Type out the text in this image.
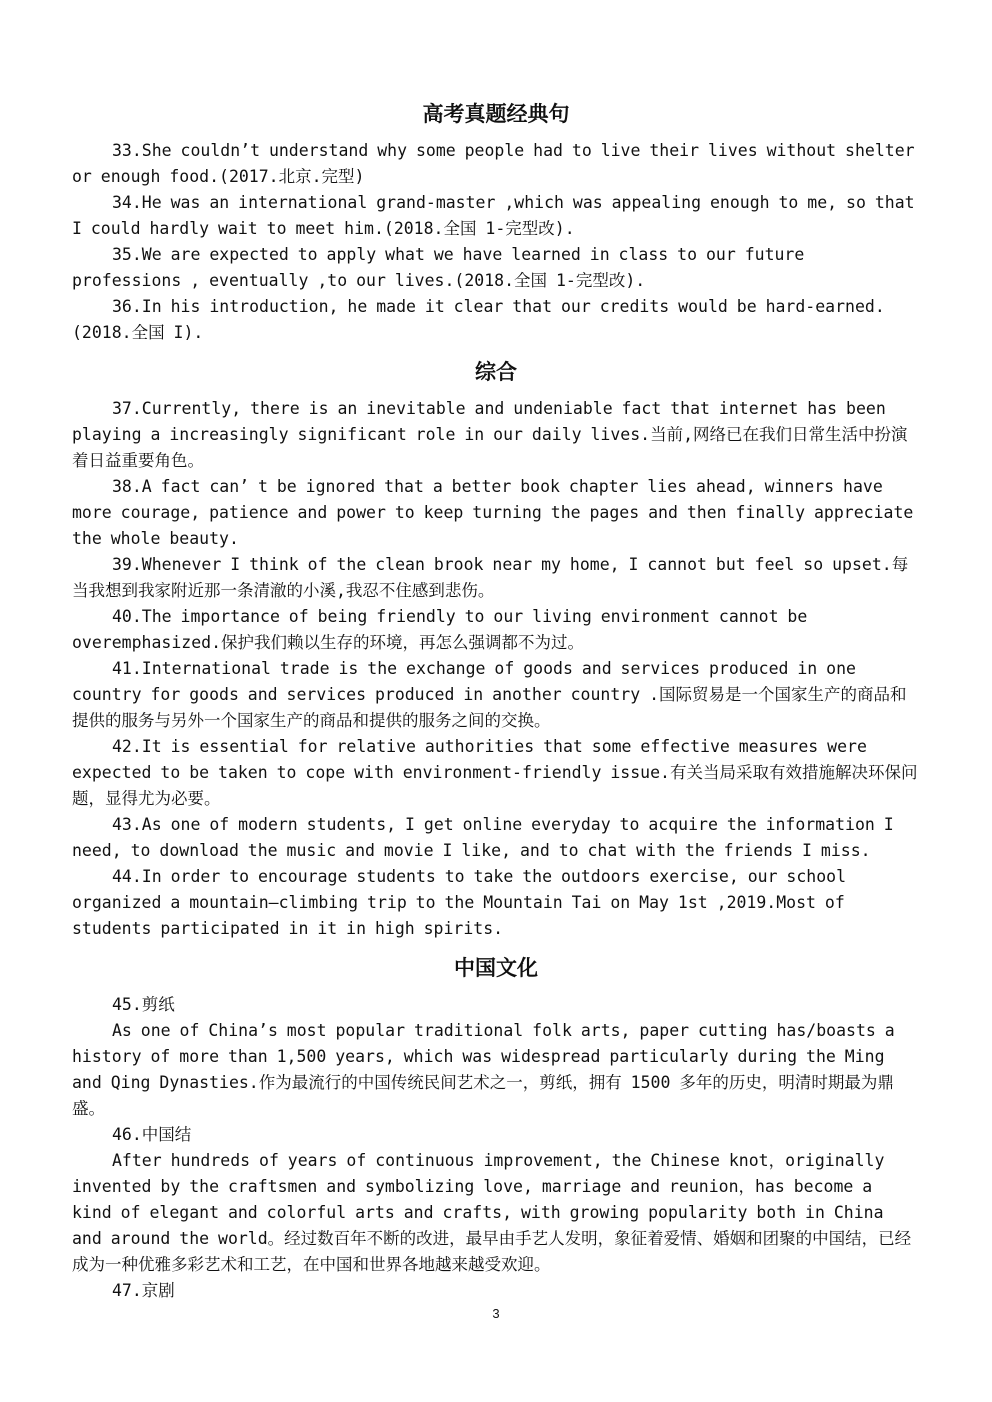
高考真题经典句

33.She couldn’t understand why some people had to live their lives without shelter or enough food.(2017.北京.完型)

34.He was an international grand-master ,which was appealing enough to me, so that I could hardly wait to meet him.(2018.全国 1-完型改).

35.We are expected to apply what we have learned in class to our future professions , eventually ,to our lives.(2018.全国 1-完型改).

36.In his introduction, he made it clear that our credits would be hard-earned.(2018.全国 I).

综合

37.Currently, there is an inevitable and undeniable fact that internet has been playing a increasingly significant role in our daily lives.当前,网络已在我们日常生活中扮演着日益重要角色。

38.A fact can’ t be ignored that a better book chapter lies ahead, winners have more courage, patience and power to keep turning the pages and then finally appreciate the whole beauty.

39.Whenever I think of the clean brook near my home, I cannot but feel so upset.每当我想到我家附近那一条清澈的小溪,我忍不住感到悲伤。

40.The importance of being friendly to our living environment cannot be overemphasized.保护我们赖以生存的环境，再怎么强调都不为过。

41.International trade is the exchange of goods and services produced in one country for goods and services produced in another country .国际贸易是一个国家生产的商品和提供的服务与另外一个国家生产的商品和提供的服务之间的交换。

42.It is essential for relative authorities that some effective measures were expected to be taken to cope with environment-friendly issue.有关当局采取有效措施解决环保问题，显得尤为必要。

43.As one of modern students, I get online everyday to acquire the information I need, to download the music and movie I like, and to chat with the friends I miss.

44.In order to encourage students to take the outdoors exercise, our school organized a mountain–climbing trip to the Mountain Tai on May 1st ,2019.Most of students participated in it in high spirits.

中国文化

45.剪纸

As one of China’s most popular traditional folk arts, paper cutting has/boasts a history of more than 1,500 years, which was widespread particularly during the Ming and Qing Dynasties.作为最流行的中国传统民间艺术之一，剪纸，拥有 1500 多年的历史，明清时期最为鼎盛。

46.中国结

After hundreds of years of continuous improvement, the Chinese knot，originally invented by the craftsmen and symbolizing love, marriage and reunion，has become a kind of elegant and colorful arts and crafts, with growing popularity both in China and around the world。经过数百年不断的改进，最早由手艺人发明，象征着爱情、婚姻和团聚的中国结，已经成为一种优雅多彩艺术和工艺，在中国和世界各地越来越受欢迎。

47.京剧

3
